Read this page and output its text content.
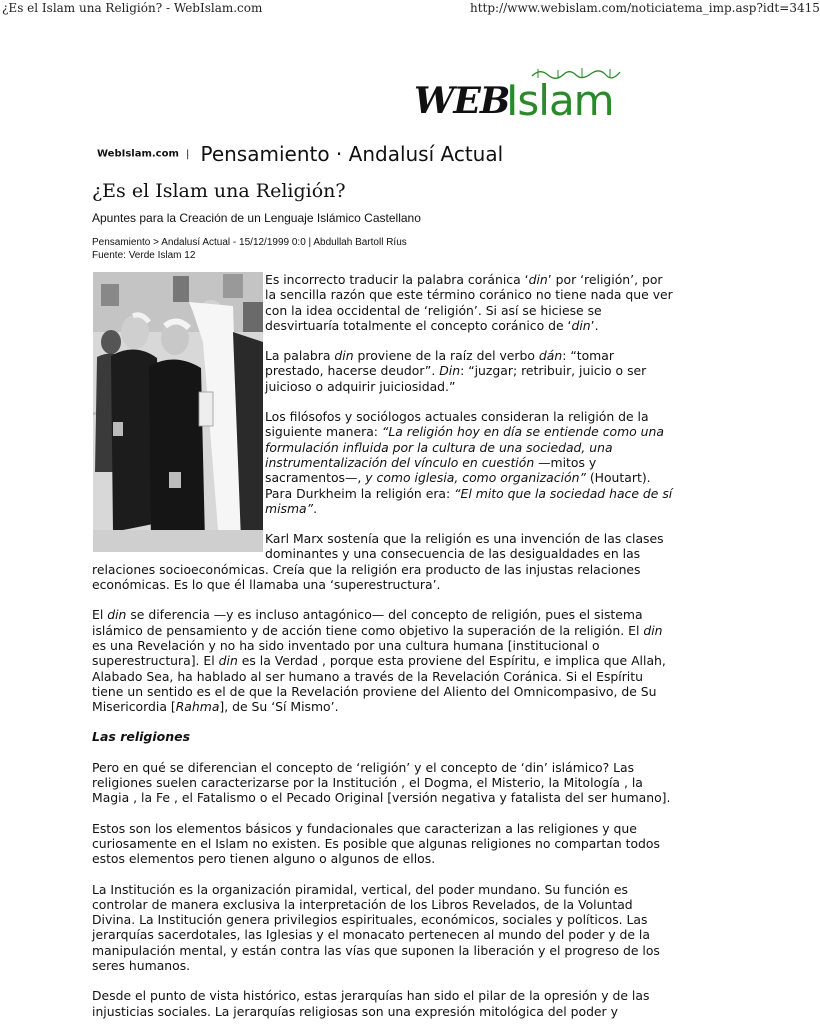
¿Es el Islam una Religión? - WebIslam.com	http://www.webislam.com/noticiatema_imp.asp?idt=3415
WEB
Islam
WebIslam.com | Pensamiento · Andalusí Actual
¿Es el Islam una Religión?
Apuntes para la Creación de un Lenguaje Islámico Castellano
Pensamiento > Andalusí Actual - 15/12/1999 0:0 | Abdullah Bartoll Ríus
Fuente: Verde Islam 12

Es incorrecto traducir la palabra coránica ‘din’ por ‘religión’, por la sencilla razón que este término coránico no tiene nada que ver con la idea occidental de ‘religión’. Si así se hiciese se desvirtuaría totalmente el concepto coránico de ‘din’.

La palabra din proviene de la raíz del verbo dán: “tomar prestado, hacerse deudor”. Din: “juzgar; retribuir, juicio o ser juicioso o adquirir juiciosidad.”

Los filósofos y sociólogos actuales consideran la religión de la siguiente manera: “La religión hoy en día se entiende como una formulación influida por la cultura de una sociedad, una instrumentalización del vínculo en cuestión —mitos y sacramentos—, y como iglesia, como organización” (Houtart). Para Durkheim la religión era: “El mito que la sociedad hace de sí misma”.

Karl Marx sostenía que la religión es una invención de las clases dominantes y una consecuencia de las desigualdades en las relaciones socioeconómicas. Creía que la religión era producto de las injustas relaciones económicas. Es lo que él llamaba una ‘superestructura’.

El din se diferencia —y es incluso antagónico— del concepto de religión, pues el sistema islámico de pensamiento y de acción tiene como objetivo la superación de la religión. El din es una Revelación y no ha sido inventado por una cultura humana [institucional o superestructura]. El din es la Verdad , porque esta proviene del Espíritu, e implica que Allah, Alabado Sea, ha hablado al ser humano a través de la Revelación Coránica. Si el Espíritu tiene un sentido es el de que la Revelación proviene del Aliento del Omnicompasivo, de Su Misericordia [Rahma], de Su ‘Sí Mismo’.

Las religiones

Pero en qué se diferencian el concepto de ‘religión’ y el concepto de ‘din’ islámico? Las religiones suelen caracterizarse por la Institución , el Dogma, el Misterio, la Mitología , la Magia , la Fe , el Fatalismo o el Pecado Original [versión negativa y fatalista del ser humano].

Estos son los elementos básicos y fundacionales que caracterizan a las religiones y que curiosamente en el Islam no existen. Es posible que algunas religiones no compartan todos estos elementos pero tienen alguno o algunos de ellos.

La Institución es la organización piramidal, vertical, del poder mundano. Su función es controlar de manera exclusiva la interpretación de los Libros Revelados, de la Voluntad Divina. La Institución genera privilegios espirituales, económicos, sociales y políticos. Las jerarquías sacerdotales, las Iglesias y el monacato pertenecen al mundo del poder y de la manipulación mental, y están contra las vías que suponen la liberación y el progreso de los seres humanos.

Desde el punto de vista histórico, estas jerarquías han sido el pilar de la opresión y de las injusticias sociales. La jerarquías religiosas son una expresión mitológica del poder y
